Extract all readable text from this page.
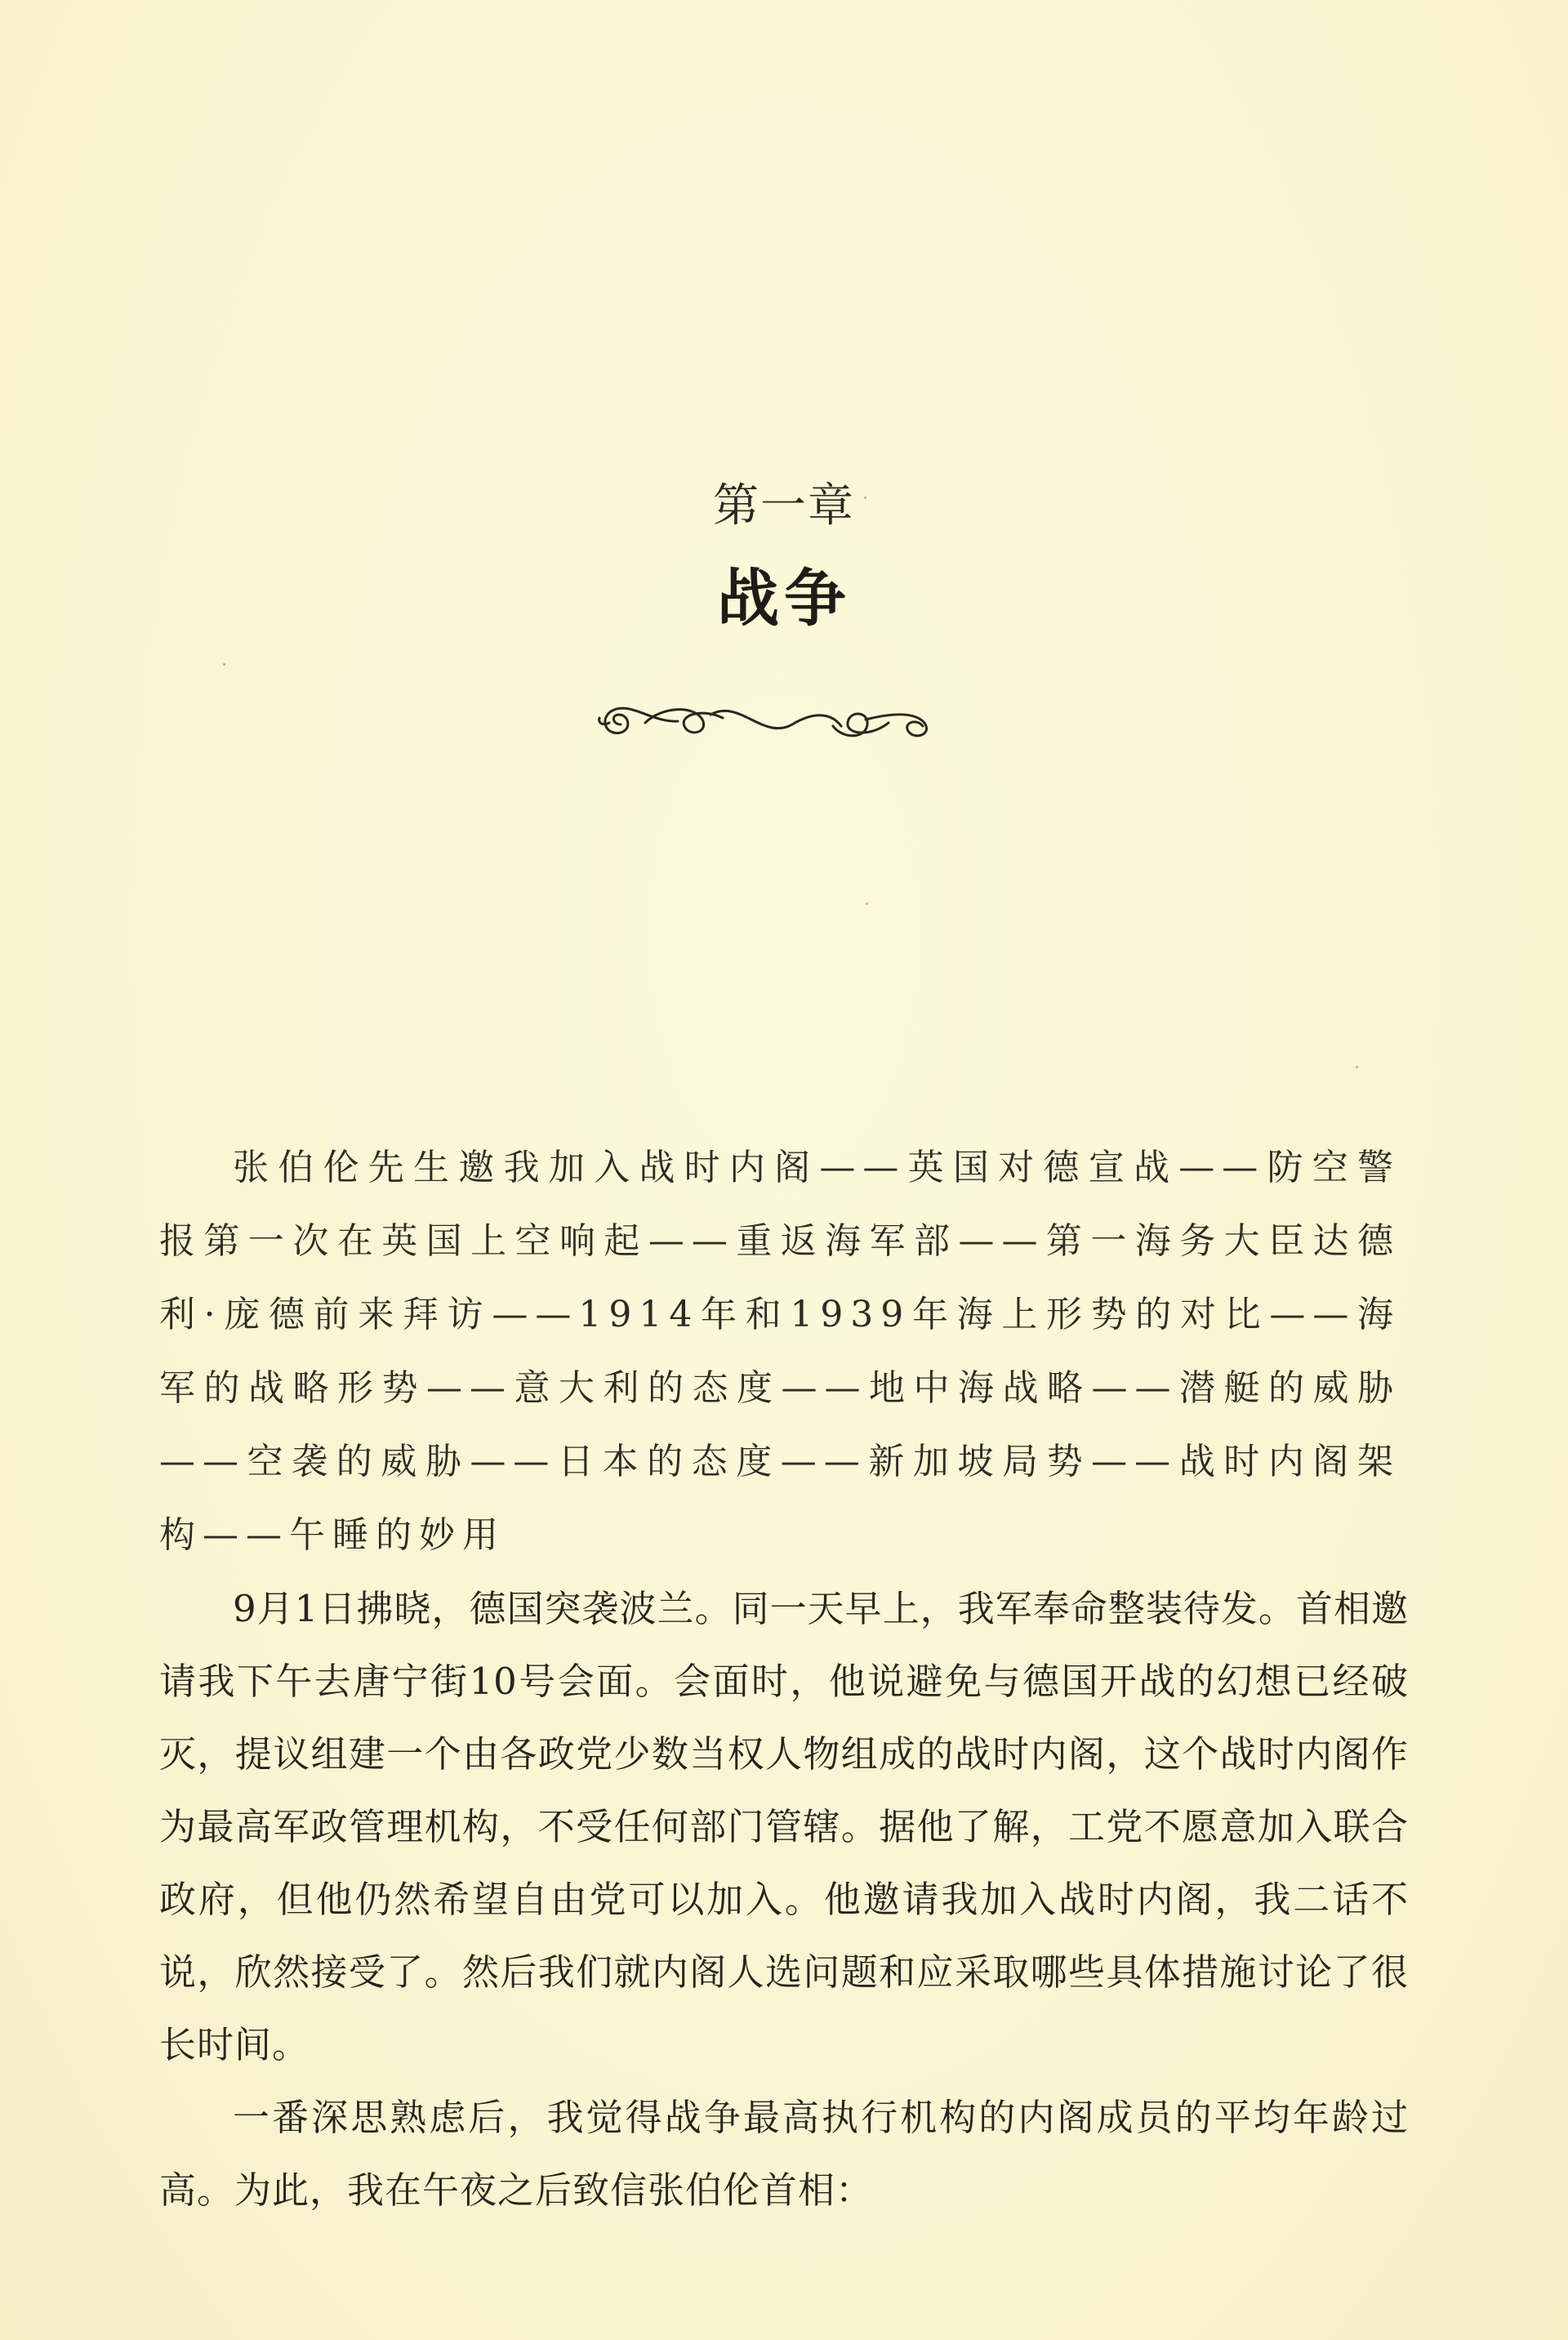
第一章
战争

张伯伦先生邀我加入战时内阁——英国对德宣战——防空警报第一次在英国上空响起——重返海军部——第一海务大臣达德利·庞德前来拜访——1914年和1939年海上形势的对比——海军的战略形势——意大利的态度——地中海战略——潜艇的威胁——空袭的威胁——日本的态度——新加坡局势——战时内阁架构——午睡的妙用

9月1日拂晓，德国突袭波兰。同一天早上，我军奉命整装待发。首相邀请我下午去唐宁街10号会面。会面时，他说避免与德国开战的幻想已经破灭，提议组建一个由各政党少数当权人物组成的战时内阁，这个战时内阁作为最高军政管理机构，不受任何部门管辖。据他了解，工党不愿意加入联合政府，但他仍然希望自由党可以加入。他邀请我加入战时内阁，我二话不说，欣然接受了。然后我们就内阁人选问题和应采取哪些具体措施讨论了很长时间。

一番深思熟虑后，我觉得战争最高执行机构的内阁成员的平均年龄过高。为此，我在午夜之后致信张伯伦首相：
